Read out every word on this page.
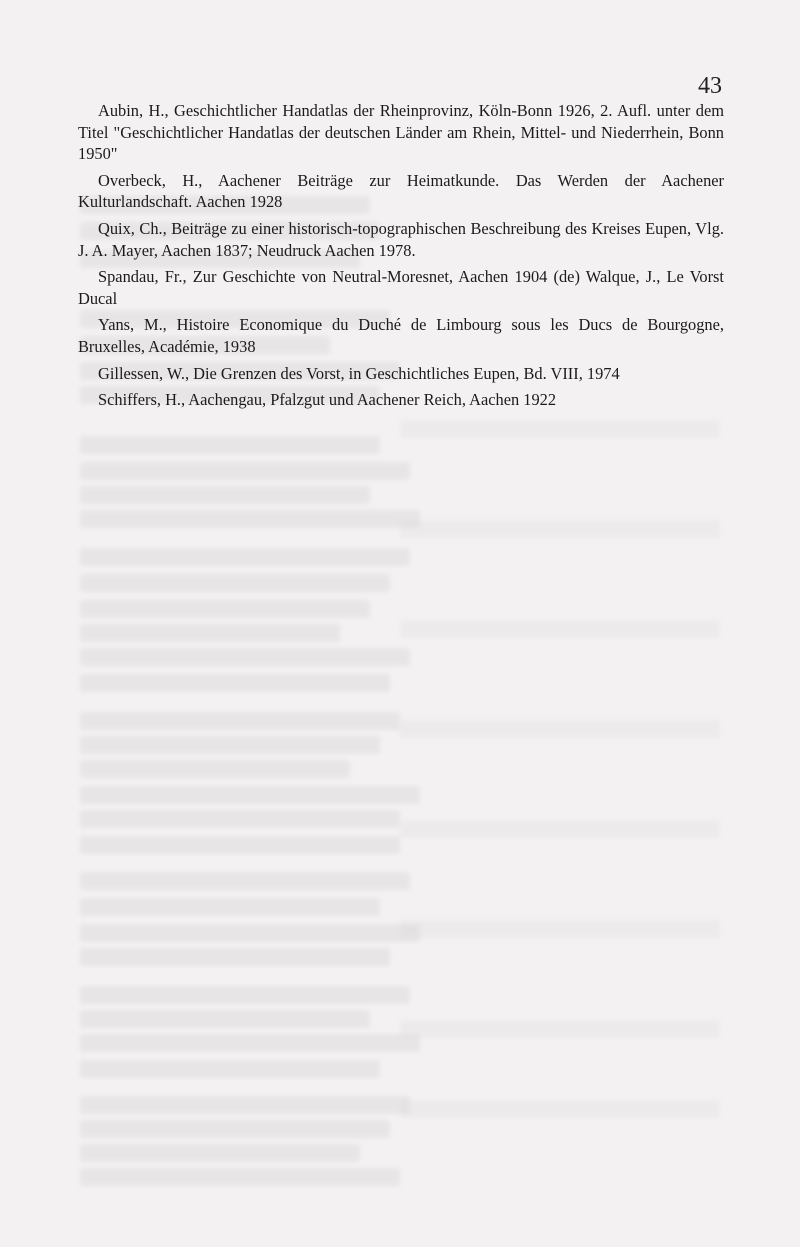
43

Aubin, H., Geschichtlicher Handatlas der Rheinprovinz, Köln-Bonn 1926, 2. Aufl. unter dem Titel "Geschichtlicher Handatlas der deutschen Länder am Rhein, Mittel- und Niederrhein, Bonn 1950"

Overbeck, H., Aachener Beiträge zur Heimatkunde. Das Werden der Aachener Kulturlandschaft. Aachen 1928

Quix, Ch., Beiträge zu einer historisch-topographischen Beschreibung des Kreises Eupen, Vlg. J. A. Mayer, Aachen 1837; Neudruck Aachen 1978.

Spandau, Fr., Zur Geschichte von Neutral-Moresnet, Aachen 1904 (de) Walque, J., Le Vorst Ducal

Yans, M., Histoire Economique du Duché de Limbourg sous les Ducs de Bourgogne, Bruxelles, Académie, 1938

Gillessen, W., Die Grenzen des Vorst, in Geschichtliches Eupen, Bd. VIII, 1974

Schiffers, H., Aachengau, Pfalzgut und Aachener Reich, Aachen 1922
